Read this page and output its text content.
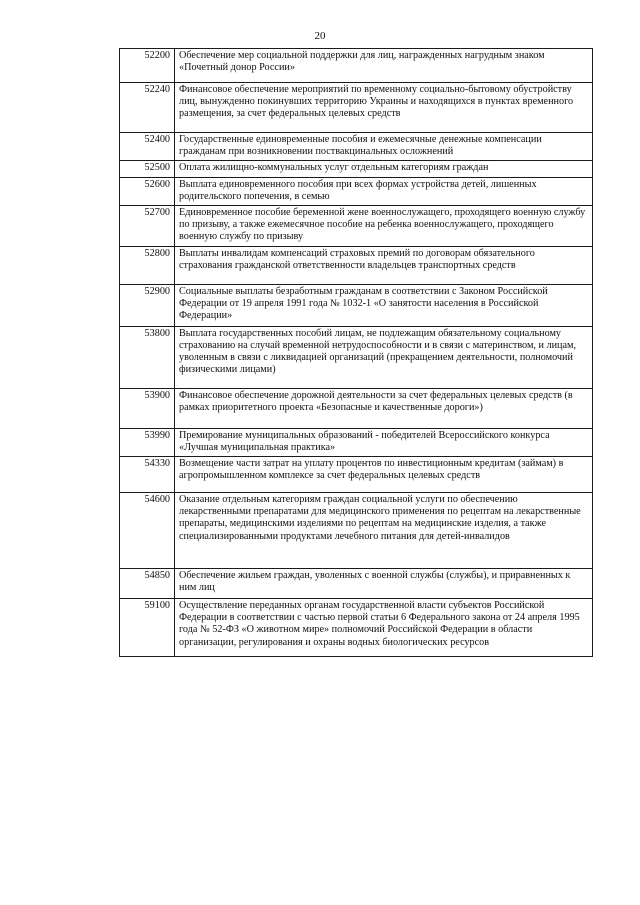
20
52200	Обеспечение мер социальной поддержки для лиц, награжденных нагрудным знаком «Почетный донор России»
52240	Финансовое обеспечение мероприятий по временному социально-бытовому обустройству лиц, вынужденно покинувших территорию Украины и находящихся в пунктах временного размещения, за счет федеральных целевых средств
52400	Государственные единовременные пособия и ежемесячные денежные компенсации гражданам при возникновении поствакцинальных осложнений
52500	Оплата жилищно-коммунальных услуг отдельным категориям граждан
52600	Выплата единовременного пособия при всех формах устройства детей, лишенных родительского попечения, в семью
52700	Единовременное пособие беременной жене военнослужащего, проходящего военную службу по призыву, а также ежемесячное пособие на ребенка военнослужащего, проходящего военную службу по призыву
52800	Выплаты инвалидам компенсаций страховых премий по договорам обязательного страхования гражданской ответственности владельцев транспортных средств
52900	Социальные выплаты безработным гражданам в соответствии с Законом Российской Федерации от 19 апреля 1991 года № 1032-1 «О занятости населения в Российской Федерации»
53800	Выплата государственных пособий лицам, не подлежащим обязательному социальному страхованию на случай временной нетрудоспособности и в связи с материнством, и лицам, уволенным в связи с ликвидацией организаций (прекращением деятельности, полномочий физическими лицами)
53900	Финансовое обеспечение дорожной деятельности за счет федеральных целевых средств (в рамках приоритетного проекта «Безопасные и качественные дороги»)
53990	Премирование муниципальных образований - победителей Всероссийского конкурса «Лучшая муниципальная практика»
54330	Возмещение части затрат на уплату процентов по инвестиционным кредитам (займам) в агропромышленном комплексе за счет федеральных целевых средств
54600	Оказание отдельным категориям граждан социальной услуги по обеспечению лекарственными препаратами для медицинского применения по рецептам на лекарственные препараты, медицинскими изделиями по рецептам на медицинские изделия, а также специализированными продуктами лечебного питания для детей-инвалидов
54850	Обеспечение жильем граждан, уволенных с военной службы (службы), и приравненных к ним лиц
59100	Осуществление переданных органам государственной власти субъектов Российской Федерации в соответствии с частью первой статьи 6 Федерального закона от 24 апреля 1995 года № 52-ФЗ «О животном мире» полномочий Российской Федерации в области организации, регулирования и охраны водных биологических ресурсов
